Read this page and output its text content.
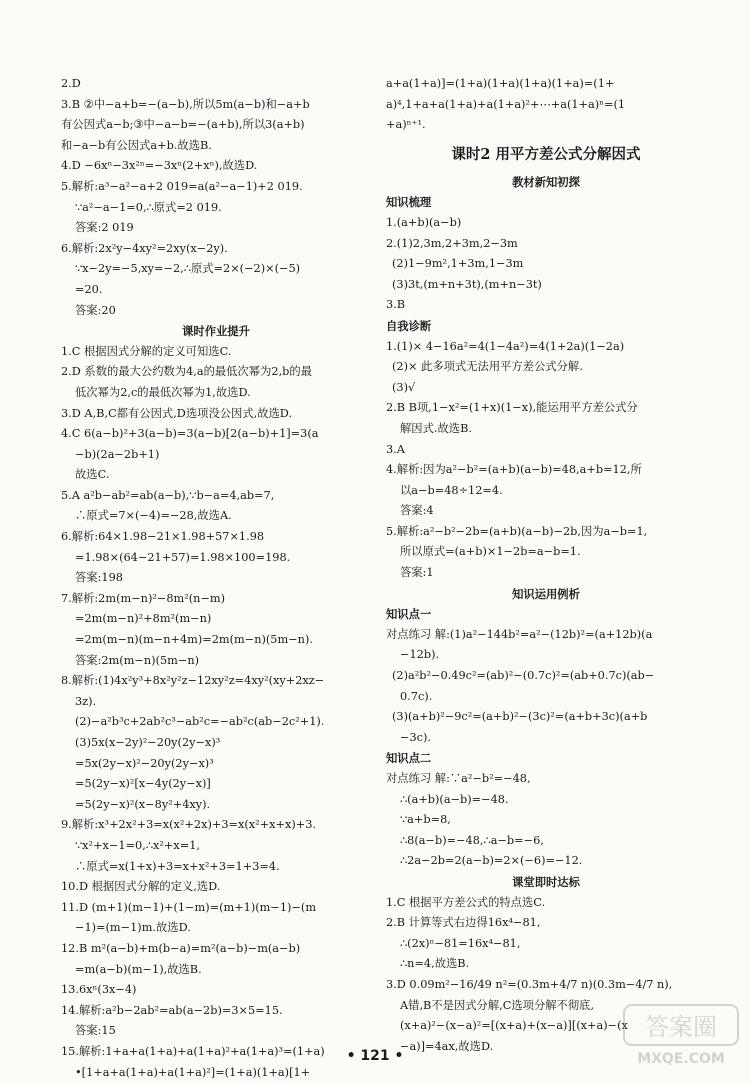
2.D
3.B ②中−a+b=−(a−b),所以5m(a−b)和−a+b
有公因式a−b;③中−a−b=−(a+b),所以3(a+b)
和−a−b有公因式a+b.故选B.
4.D −6xⁿ−3x²ⁿ=−3xⁿ(2+xⁿ),故选D.
5.解析:a³−a²−a+2 019=a(a²−a−1)+2 019.
∵a²−a−1=0,∴原式=2 019.
答案:2 019
6.解析:2x²y−4xy²=2xy(x−2y).
∵x−2y=−5,xy=−2,∴原式=2×(−2)×(−5)
=20.
答案:20
课时作业提升
1.C 根据因式分解的定义可知选C.
2.D 系数的最大公约数为4,a的最低次幂为2,b的最
低次幂为2,c的最低次幂为1,故选D.
3.D A,B,C都有公因式,D选项没公因式,故选D.
4.C 6(a−b)²+3(a−b)=3(a−b)[2(a−b)+1]=3(a
−b)(2a−2b+1)
故选C.
5.A a²b−ab²=ab(a−b),∵b−a=4,ab=7,
∴原式=7×(−4)=−28,故选A.
6.解析:64×1.98−21×1.98+57×1.98
=1.98×(64−21+57)=1.98×100=198.
答案:198
7.解析:2m(m−n)²−8m²(n−m)
=2m(m−n)²+8m²(m−n)
=2m(m−n)(m−n+4m)=2m(m−n)(5m−n).
答案:2m(m−n)(5m−n)
8.解析:(1)4x²y³+8x²y²z−12xy²z=4xy²(xy+2xz−
3z).
(2)−a²b³c+2ab²c³−ab²c=−ab²c(ab−2c²+1).
(3)5x(x−2y)²−20y(2y−x)³
=5x(2y−x)²−20y(2y−x)³
=5(2y−x)²[x−4y(2y−x)]
=5(2y−x)²(x−8y²+4xy).
9.解析:x³+2x²+3=x(x²+2x)+3=x(x²+x+x)+3.
∵x²+x−1=0,∴x²+x=1,
∴原式=x(1+x)+3=x+x²+3=1+3=4.
10.D 根据因式分解的定义,选D.
11.D (m+1)(m−1)+(1−m)=(m+1)(m−1)−(m
−1)=(m−1)m.故选D.
12.B m²(a−b)+m(b−a)=m²(a−b)−m(a−b)
=m(a−b)(m−1),故选B.
13.6xⁿ(3x−4)
14.解析:a²b−2ab²=ab(a−2b)=3×5=15.
答案:15
15.解析:1+a+a(1+a)+a(1+a)²+a(1+a)³=(1+a)
•[1+a+a(1+a)+a(1+a)²]=(1+a)(1+a)[1+
a+a(1+a)]=(1+a)(1+a)(1+a)(1+a)=(1+
a)⁴,1+a+a(1+a)+a(1+a)²+⋯+a(1+a)ⁿ=(1
+a)ⁿ⁺¹.
课时2 用平方差公式分解因式
教材新知初探
知识梳理
1.(a+b)(a−b)
2.(1)2,3m,2+3m,2−3m
(2)1−9m²,1+3m,1−3m
(3)3t,(m+n+3t),(m+n−3t)
3.B
自我诊断
1.(1)× 4−16a²=4(1−4a²)=4(1+2a)(1−2a)
(2)× 此多项式无法用平方差公式分解.
(3)√
2.B B项,1−x²=(1+x)(1−x),能运用平方差公式分
解因式.故选B.
3.A
4.解析:因为a²−b²=(a+b)(a−b)=48,a+b=12,所
以a−b=48÷12=4.
答案:4
5.解析:a²−b²−2b=(a+b)(a−b)−2b,因为a−b=1,
所以原式=(a+b)×1−2b=a−b=1.
答案:1
知识运用例析
知识点一
对点练习 解:(1)a²−144b²=a²−(12b)²=(a+12b)(a
−12b).
(2)a²b²−0.49c²=(ab)²−(0.7c)²=(ab+0.7c)(ab−
0.7c).
(3)(a+b)²−9c²=(a+b)²−(3c)²=(a+b+3c)(a+b
−3c).
知识点二
对点练习 解:∵a²−b²=−48,
∴(a+b)(a−b)=−48.
∵a+b=8,
∴8(a−b)=−48,∴a−b=−6,
∴2a−2b=2(a−b)=2×(−6)=−12.
课堂即时达标
1.C 根据平方差公式的特点选C.
2.B 计算等式右边得16x⁴−81,
∴(2x)ⁿ−81=16x⁴−81,
∴n=4,故选B.
3.D 0.09m²−16/49 n²=(0.3m+4/7 n)(0.3m−4/7 n),
A错,B不是因式分解,C选项分解不彻底,
(x+a)²−(x−a)²=[(x+a)+(x−a)][(x+a)−(x
−a)]=4ax,故选D.
• 121 •
答案圈
MXQE.COM
